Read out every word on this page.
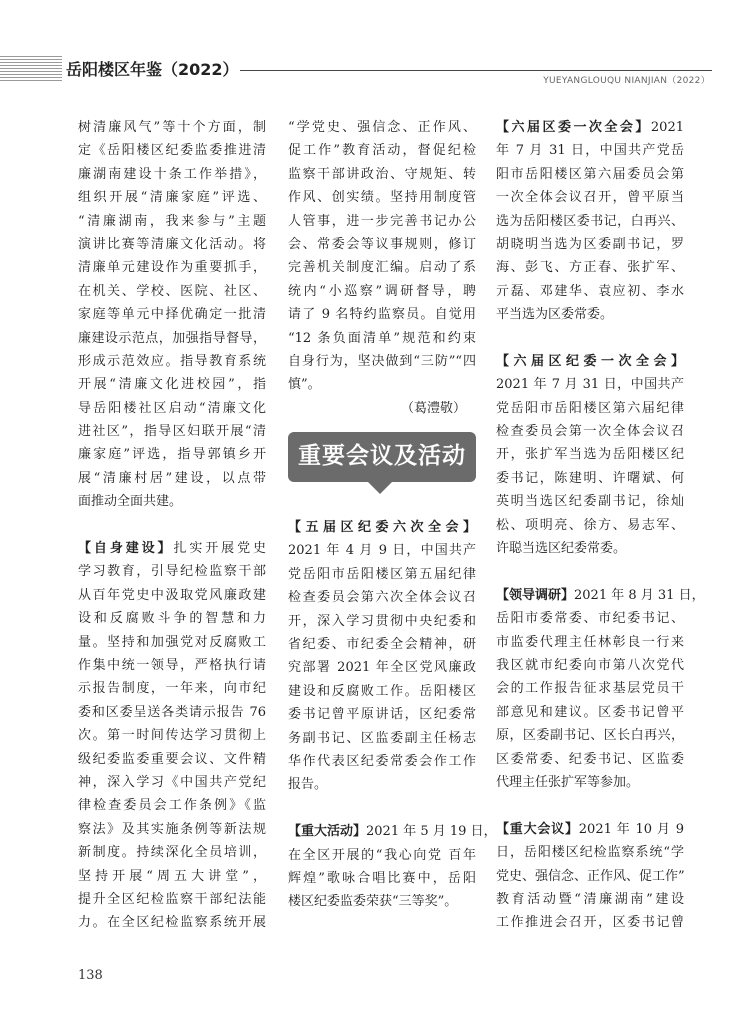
岳阳楼区年鉴（2022）
YUEYANGLOUQU NIANJIAN（2022）
树清廉风气”等十个方面，制
定《岳阳楼区纪委监委推进清
廉湖南建设十条工作举措》，
组织开展“清廉家庭”评选、
“清廉湖南，我来参与”主题
演讲比赛等清廉文化活动。将
清廉单元建设作为重要抓手，
在机关、学校、医院、社区、
家庭等单元中择优确定一批清
廉建设示范点，加强指导督导，
形成示范效应。指导教育系统
开展“清廉文化进校园”，指
导岳阳楼社区启动“清廉文化
进社区”，指导区妇联开展“清
廉家庭”评选，指导郭镇乡开
展“清廉村居”建设，以点带
面推动全面共建。
【自身建设】扎实开展党史
学习教育，引导纪检监察干部
从百年党史中汲取党风廉政建
设和反腐败斗争的智慧和力
量。坚持和加强党对反腐败工
作集中统一领导，严格执行请
示报告制度，一年来，向市纪
委和区委呈送各类请示报告 76
次。第一时间传达学习贯彻上
级纪委监委重要会议、文件精
神，深入学习《中国共产党纪
律检查委员会工作条例》《监
察法》及其实施条例等新法规
新制度。持续深化全员培训，
坚持开展“周五大讲堂”，
提升全区纪检监察干部纪法能
力。在全区纪检监察系统开展
“学党史、强信念、正作风、
促工作”教育活动，督促纪检
监察干部讲政治、守规矩、转
作风、创实绩。坚持用制度管
人管事，进一步完善书记办公
会、常委会等议事规则，修订
完善机关制度汇编。启动了系
统内“小巡察”调研督导，聘
请了 9 名特约监察员。自觉用
“12 条负面清单”规范和约束
自身行为，坚决做到“三防”“四
慎”。
（葛澧敬）
重要会议及活动
【五届区纪委六次全会】
2021 年 4 月 9 日，中国共产
党岳阳市岳阳楼区第五届纪律
检查委员会第六次全体会议召
开，深入学习贯彻中央纪委和
省纪委、市纪委全会精神，研
究部署 2021 年全区党风廉政
建设和反腐败工作。岳阳楼区
委书记曾平原讲话，区纪委常
务副书记、区监委副主任杨志
华作代表区纪委常委会作工作
报告。
【重大活动】2021 年 5 月 19 日，
在全区开展的“我心向党 百年
辉煌”歌咏合唱比赛中，岳阳
楼区纪委监委荣获“三等奖”。
【六届区委一次全会】2021
年 7 月 31 日，中国共产党岳
阳市岳阳楼区第六届委员会第
一次全体会议召开，曾平原当
选为岳阳楼区委书记，白再兴、
胡晓明当选为区委副书记，罗
海、彭飞、方正春、张扩军、
亓磊、邓建华、袁应初、李水
平当选为区委常委。
【六届区纪委一次全会】
2021 年 7 月 31 日，中国共产
党岳阳市岳阳楼区第六届纪律
检查委员会第一次全体会议召
开，张扩军当选为岳阳楼区纪
委书记，陈建明、许曙斌、何
英明当选区纪委副书记，徐灿
松、项明亮、徐方、易志军、
许聪当选区纪委常委。
【领导调研】2021 年 8 月 31 日，
岳阳市委常委、市纪委书记、
市监委代理主任林彰良一行来
我区就市纪委向市第八次党代
会的工作报告征求基层党员干
部意见和建议。区委书记曾平
原，区委副书记、区长白再兴，
区委常委、纪委书记、区监委
代理主任张扩军等参加。
【重大会议】2021 年 10 月 9
日，岳阳楼区纪检监察系统“学
党史、强信念、正作风、促工作”
教育活动暨“清廉湖南”建设
工作推进会召开，区委书记曾
138
